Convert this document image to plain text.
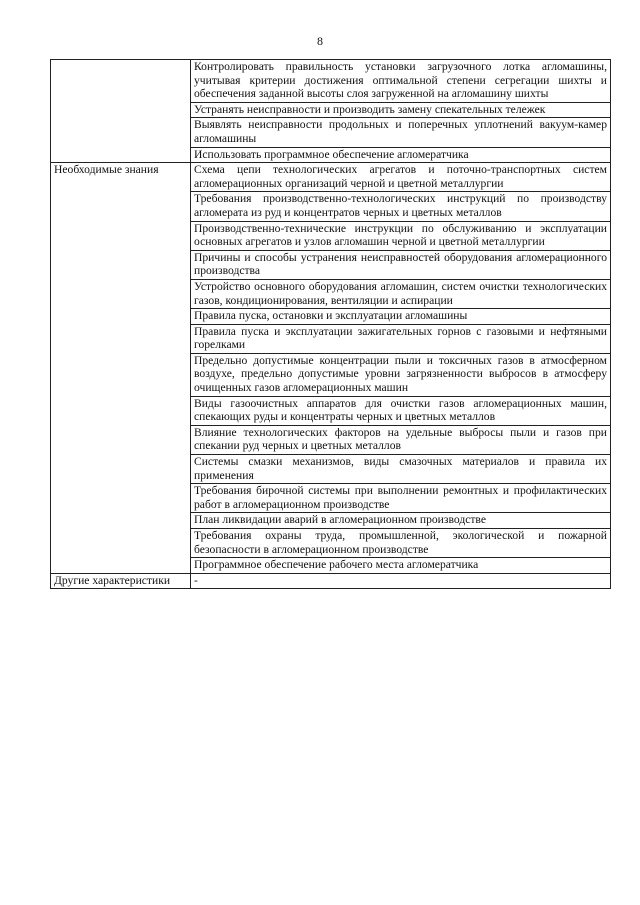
8
	Контролировать правильность установки загрузочного лотка агломашины, учитывая критерии достижения оптимальной степени сегрегации шихты и обеспечения заданной высоты слоя загруженной на агломашину шихты
	Устранять неисправности и производить замену спекательных тележек
	Выявлять неисправности продольных и поперечных уплотнений вакуум-камер агломашины
	Использовать программное обеспечение агломератчика
Необходимые знания	Схема цепи технологических агрегатов и поточно-транспортных систем агломерационных организаций черной и цветной металлургии
	Требования производственно-технологических инструкций по производству агломерата из руд и концентратов черных и цветных металлов
	Производственно-технические инструкции по обслуживанию и эксплуатации основных агрегатов и узлов агломашин черной и цветной металлургии
	Причины и способы устранения неисправностей оборудования агломерационного производства
	Устройство основного оборудования агломашин, систем очистки технологических газов, кондиционирования, вентиляции и аспирации
	Правила пуска, остановки и эксплуатации агломашины
	Правила пуска и эксплуатации зажигательных горнов с газовыми и нефтяными горелками
	Предельно допустимые концентрации пыли и токсичных газов в атмосферном воздухе, предельно допустимые уровни загрязненности выбросов в атмосферу очищенных газов агломерационных машин
	Виды газоочистных аппаратов для очистки газов агломерационных машин, спекающих руды и концентраты черных и цветных металлов
	Влияние технологических факторов на удельные выбросы пыли и газов при спекании руд черных и цветных металлов
	Системы смазки механизмов, виды смазочных материалов и правила их применения
	Требования бирочной системы при выполнении ремонтных и профилактических работ в агломерационном производстве
	План ликвидации аварий в агломерационном производстве
	Требования охраны труда, промышленной, экологической и пожарной безопасности в агломерационном производстве
	Программное обеспечение рабочего места агломератчика
Другие характеристики	-
